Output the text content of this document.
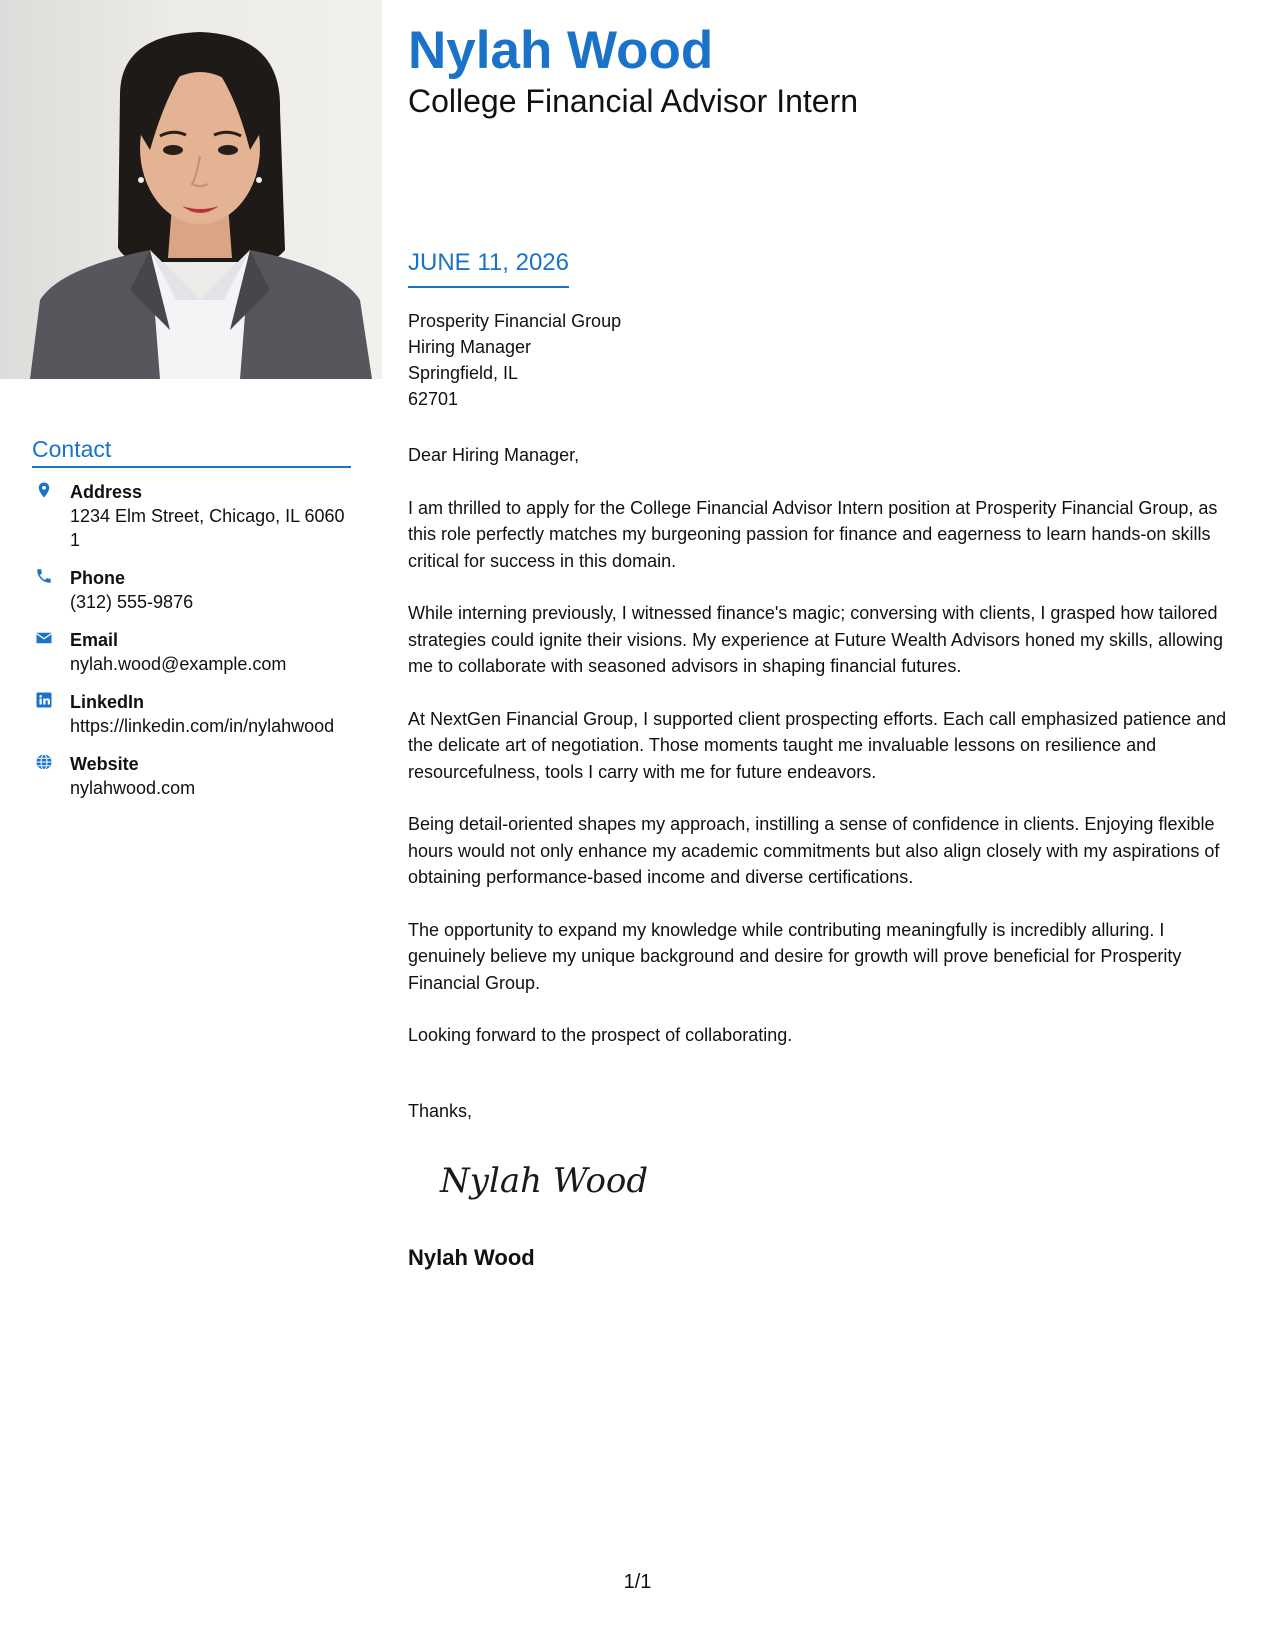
Contact
Address
1234 Elm Street, Chicago, IL 60601
Phone
(312) 555-9876
Email
nylah.wood@example.com
LinkedIn
https://linkedin.com/in/nylahwood
Website
nylahwood.com
Nylah Wood
College Financial Advisor Intern
JUNE 11, 2026
Prosperity Financial Group
Hiring Manager
Springfield, IL
62701

Dear Hiring Manager,

I am thrilled to apply for the College Financial Advisor Intern position at Prosperity Financial Group, as this role perfectly matches my burgeoning passion for finance and eagerness to learn hands-on skills critical for success in this domain.

While interning previously, I witnessed finance's magic; conversing with clients, I grasped how tailored strategies could ignite their visions. My experience at Future Wealth Advisors honed my skills, allowing me to collaborate with seasoned advisors in shaping financial futures.

At NextGen Financial Group, I supported client prospecting efforts. Each call emphasized patience and the delicate art of negotiation. Those moments taught me invaluable lessons on resilience and resourcefulness, tools I carry with me for future endeavors.

Being detail-oriented shapes my approach, instilling a sense of confidence in clients. Enjoying flexible hours would not only enhance my academic commitments but also align closely with my aspirations of obtaining performance-based income and diverse certifications.

The opportunity to expand my knowledge while contributing meaningfully is incredibly alluring. I genuinely believe my unique background and desire for growth will prove beneficial for Prosperity Financial Group.

Looking forward to the prospect of collaborating.

Thanks,
Nylah Wood
Nylah Wood
1/1
